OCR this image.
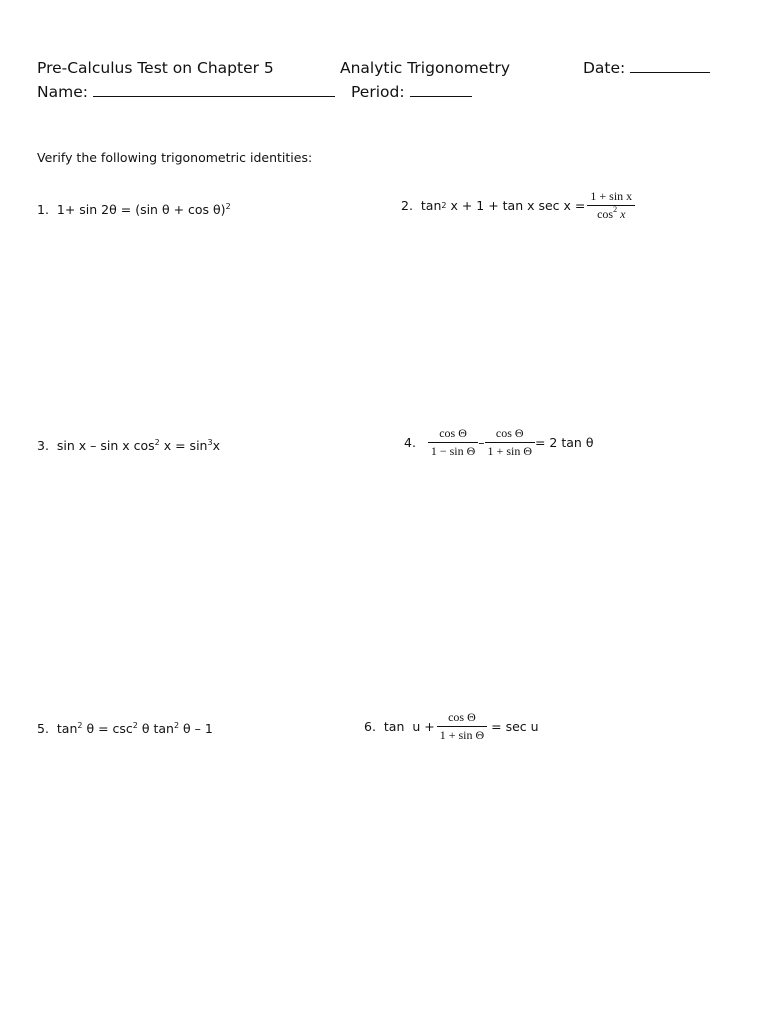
Pre-Calculus Test on Chapter 5	Analytic Trigonometry	Date:
Name:	Period:
Verify the following trigonometric identities:
1. 1+ sin 2θ = (sin θ + cos θ)$^2$	2.
tan 2
x + 1 + tan x $\sec x = \frac{\text{1 + sin x}}{\cos^2 x}$
3. sin x – sin x $\cos^2 x = \sin^3x$	4.
$\frac{\text{cos Θ}}{\text{1 − sin Θ}} - \frac{\text{cos Θ}}{\text{1 + sin Θ}} = 2$ tan θ
5. $\tan^2 \theta = \csc^2 \theta$ $\tan^2 \theta - 1$	6.
$\tan u + \frac{\text{cos Θ}}{\text{1 + sin Θ}}$
= sec u
